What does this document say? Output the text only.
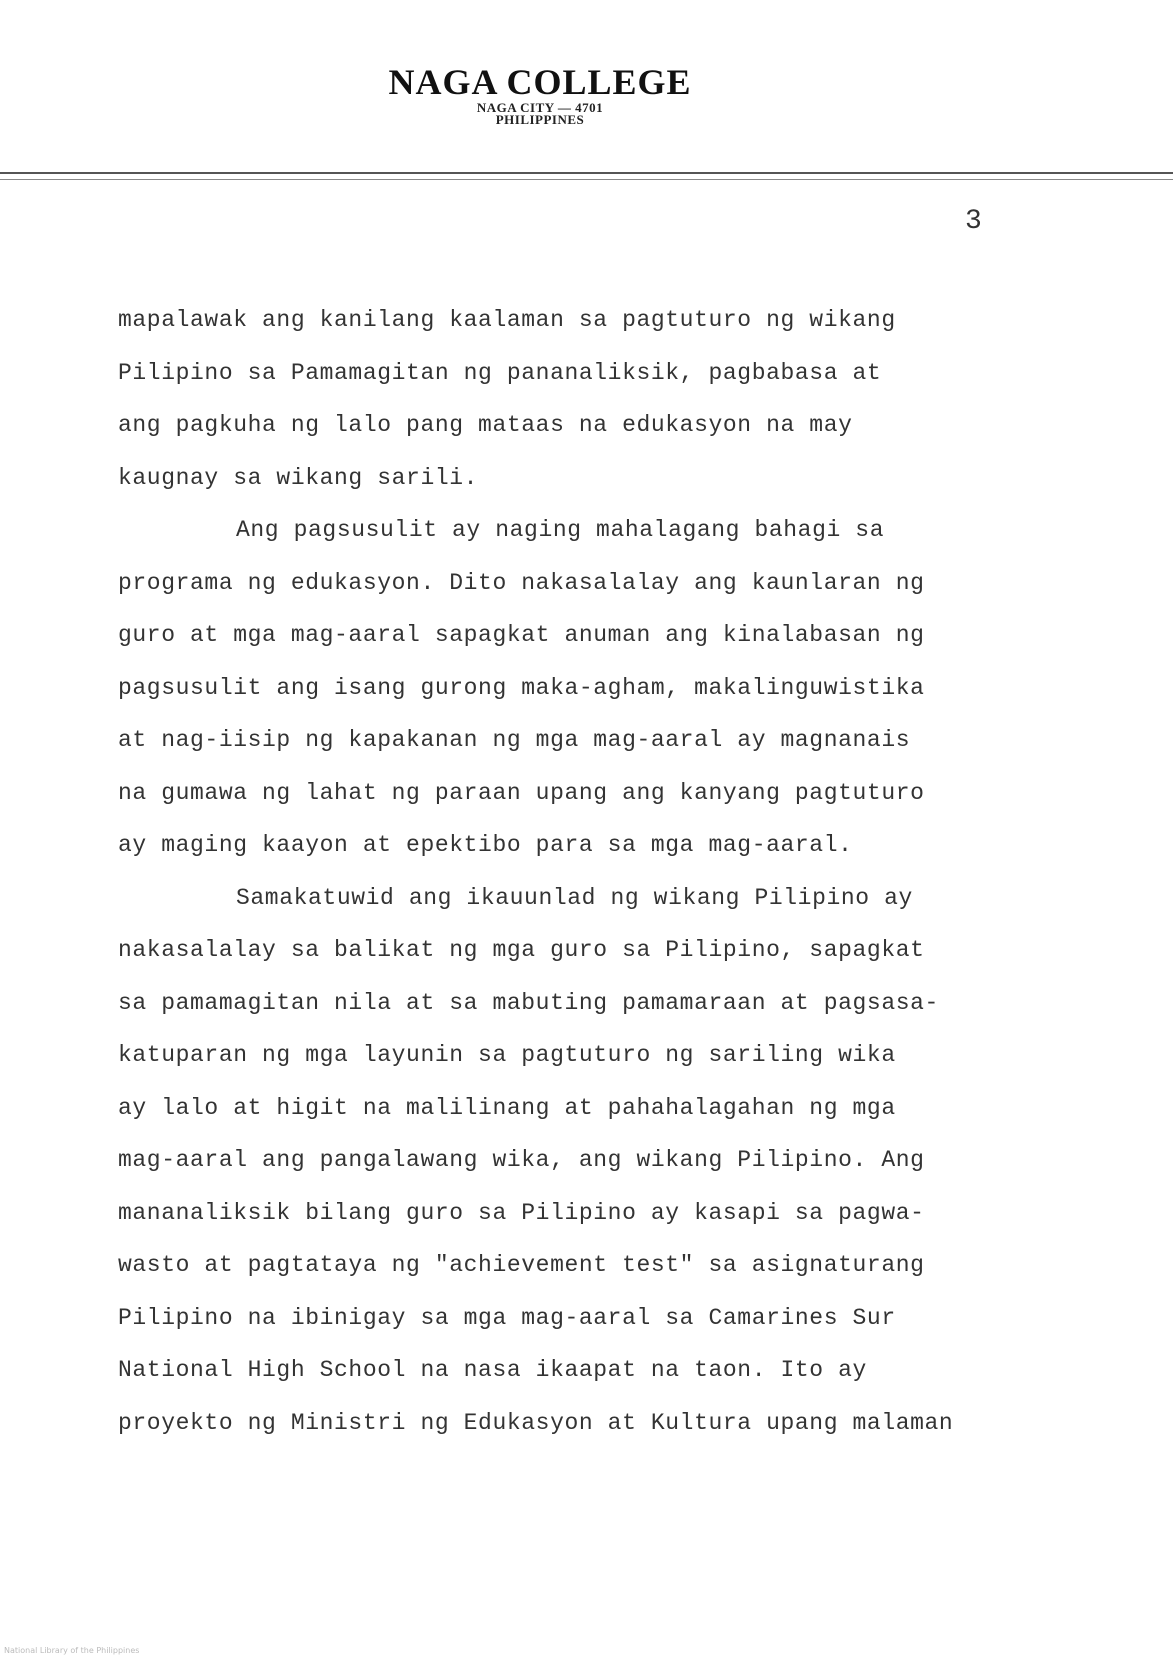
NAGA COLLEGE
NAGA CITY — 4701
PHILIPPINES
3
mapalawak ang kanilang kaalaman sa pagtuturo ng wikang
Pilipino sa Pamamagitan ng pananaliksik, pagbabasa at
ang pagkuha ng lalo pang mataas na edukasyon na may
kaugnay sa wikang sarili.
Ang pagsusulit ay naging mahalagang bahagi sa
programa ng edukasyon. Dito nakasalalay ang kaunlaran ng
guro at mga mag-aaral sapagkat anuman ang kinalabasan ng
pagsusulit ang isang gurong maka-agham, makalinguwistika
at nag-iisip ng kapakanan ng mga mag-aaral ay magnanais
na gumawa ng lahat ng paraan upang ang kanyang pagtuturo
ay maging kaayon at epektibo para sa mga mag-aaral.
Samakatuwid ang ikauunlad ng wikang Pilipino ay
nakasalalay sa balikat ng mga guro sa Pilipino, sapagkat
sa pamamagitan nila at sa mabuting pamamaraan at pagsasa-
katuparan ng mga layunin sa pagtuturo ng sariling wika
ay lalo at higit na malilinang at pahahalagahan ng mga
mag-aaral ang pangalawang wika, ang wikang Pilipino. Ang
mananaliksik bilang guro sa Pilipino ay kasapi sa pagwa-
wasto at pagtataya ng "achievement test" sa asignaturang
Pilipino na ibinigay sa mga mag-aaral sa Camarines Sur
National High School na nasa ikaapat na taon. Ito ay
proyekto ng Ministri ng Edukasyon at Kultura upang malaman
National Library of the Philippines
